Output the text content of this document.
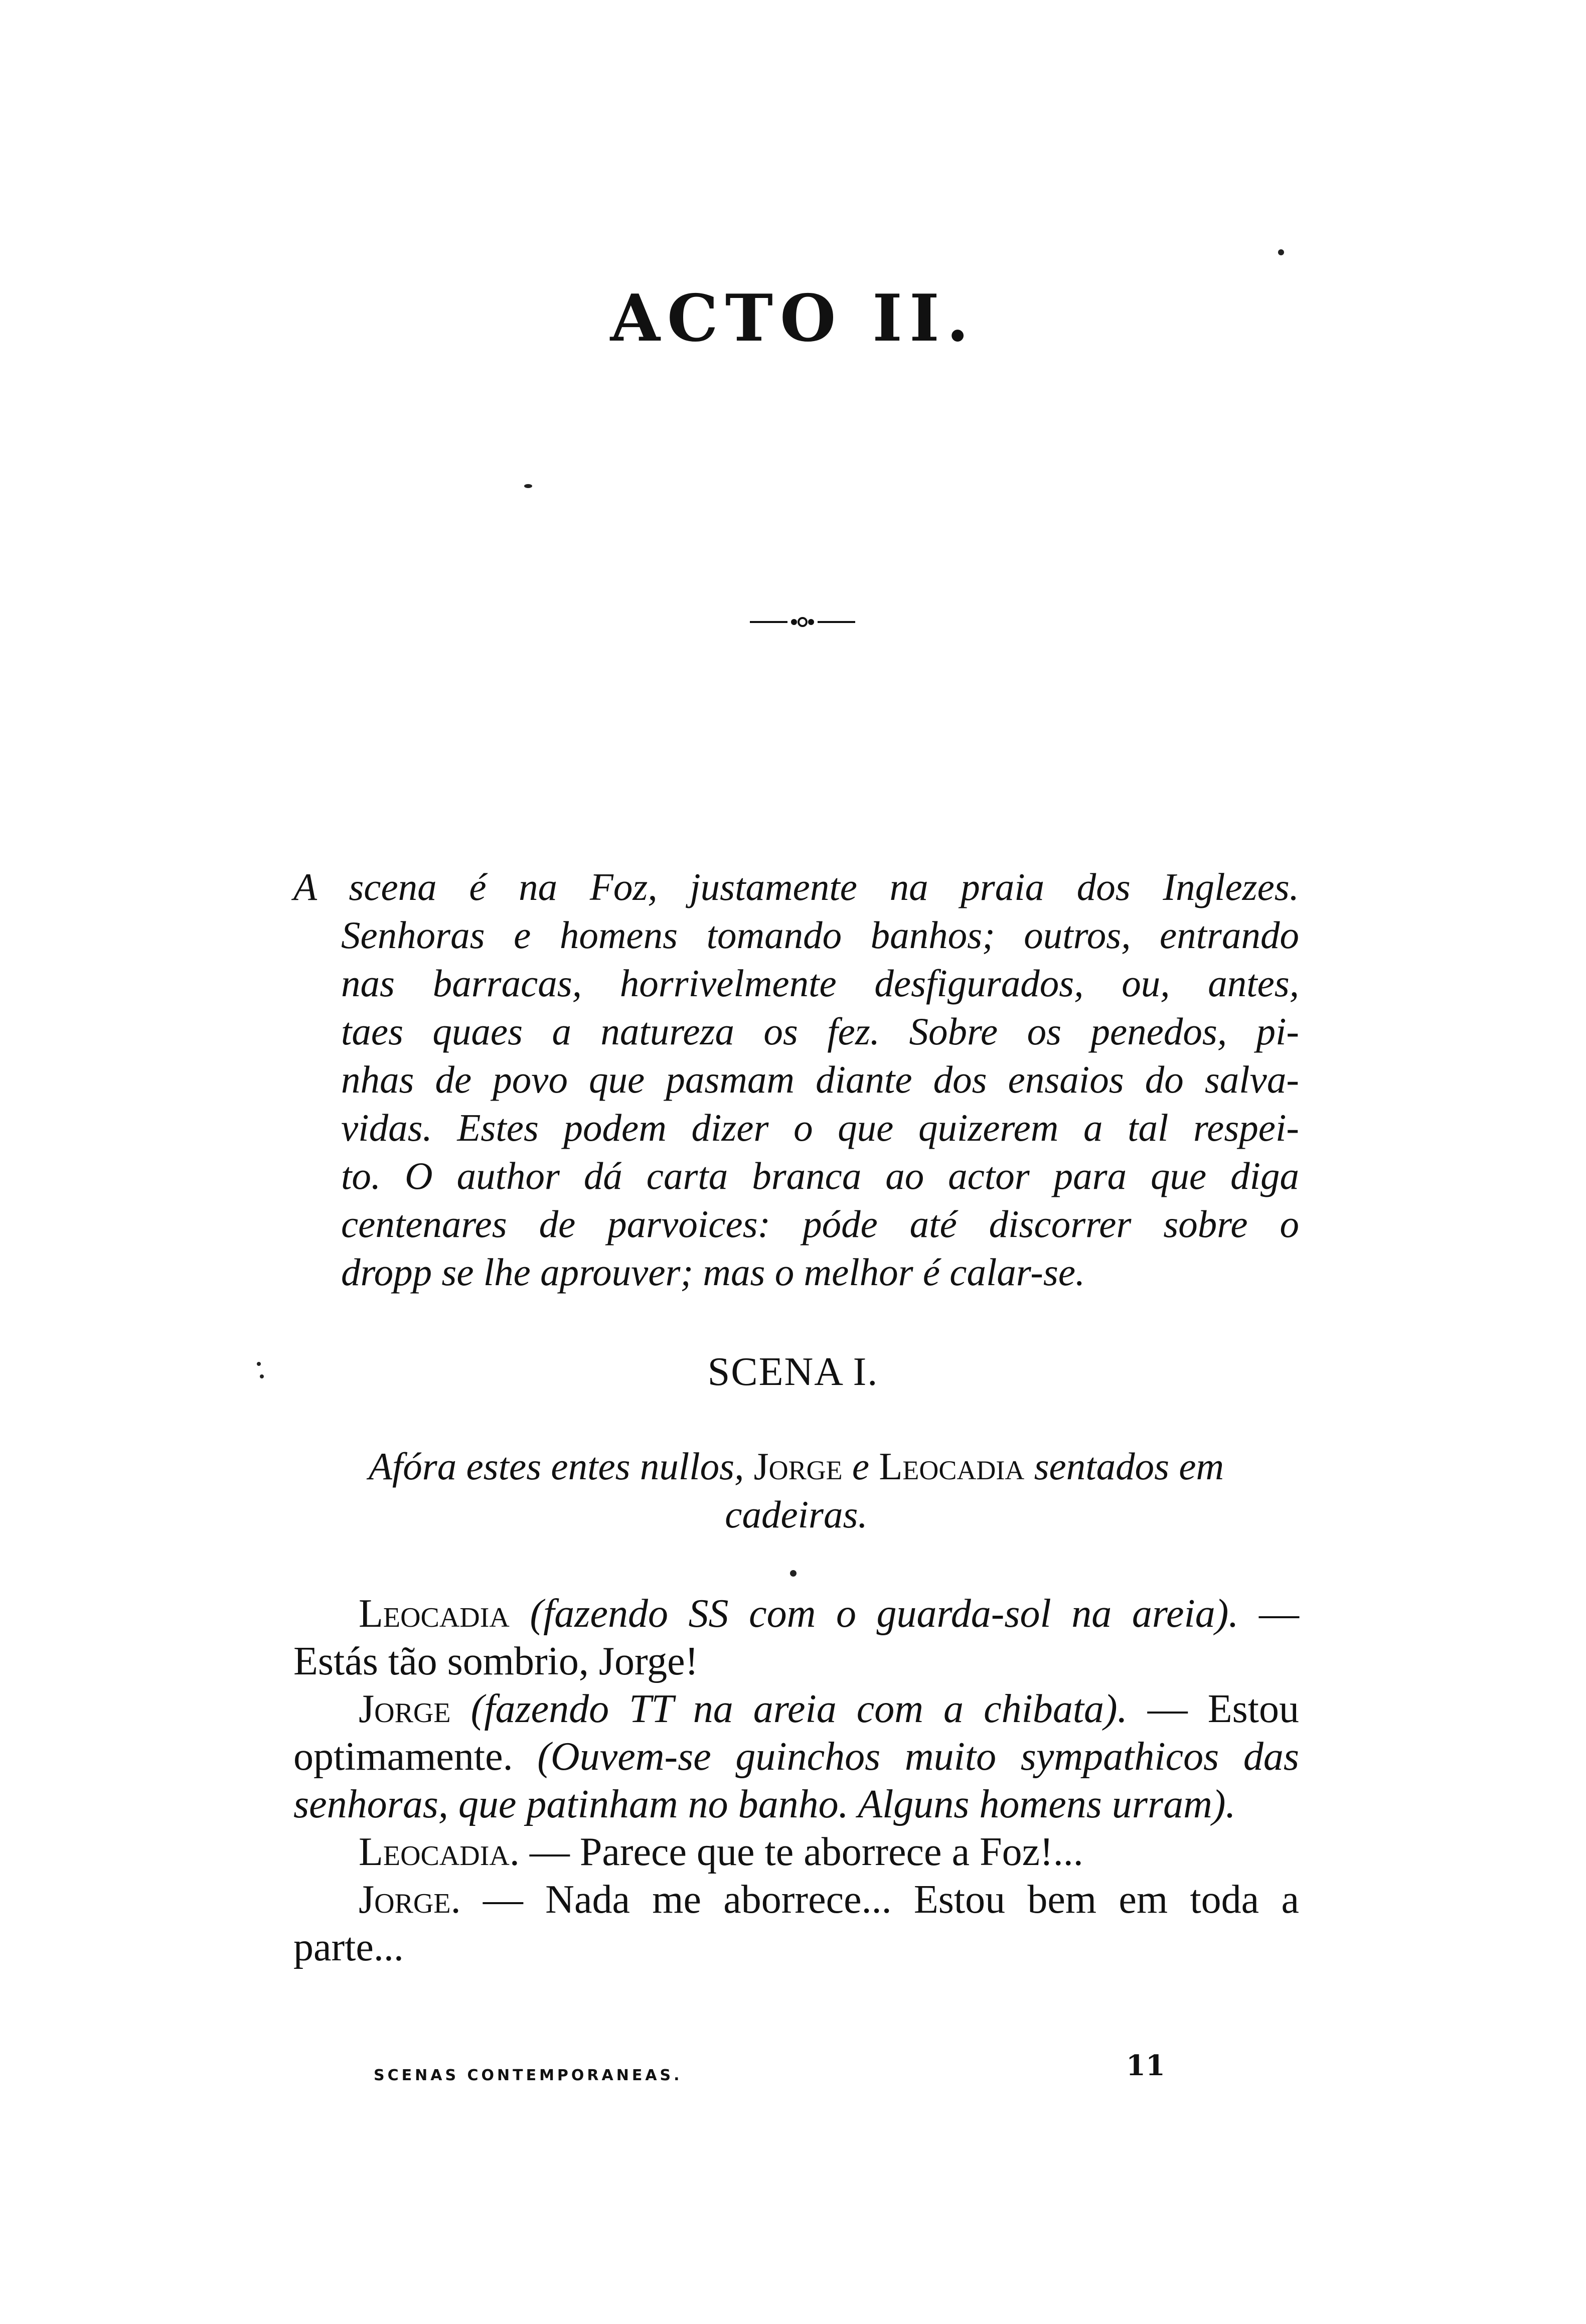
ACTO II.
A scena é na Foz, justamente na praia dos Inglezes.
Senhoras e homens tomando banhos; outros, entrando
nas barracas, horrivelmente desfigurados, ou, antes,
taes quaes a natureza os fez. Sobre os penedos, pi-
nhas de povo que pasmam diante dos ensaios do salva-
vidas. Estes podem dizer o que quizerem a tal respei-
to. O author dá carta branca ao actor para que diga
centenares de parvoices: póde até discorrer sobre o
dropp se lhe aprouver; mas o melhor é calar-se.
SCENA I.
Afóra estes entes nullos, Jorge e Leocadia sentados em cadeiras.

Leocadia (fazendo SS com o guarda-sol na areia). — Estás tão sombrio, Jorge!

Jorge (fazendo TT na areia com a chibata). — Estou optimamente. (Ouvem-se guinchos muito sympathicos das senhoras, que patinham no banho. Alguns homens urram).

Leocadia. — Parece que te aborrece a Foz!...

Jorge. — Nada me aborrece... Estou bem em toda a parte...

SCENAS CONTEMPORANEAS.	11
